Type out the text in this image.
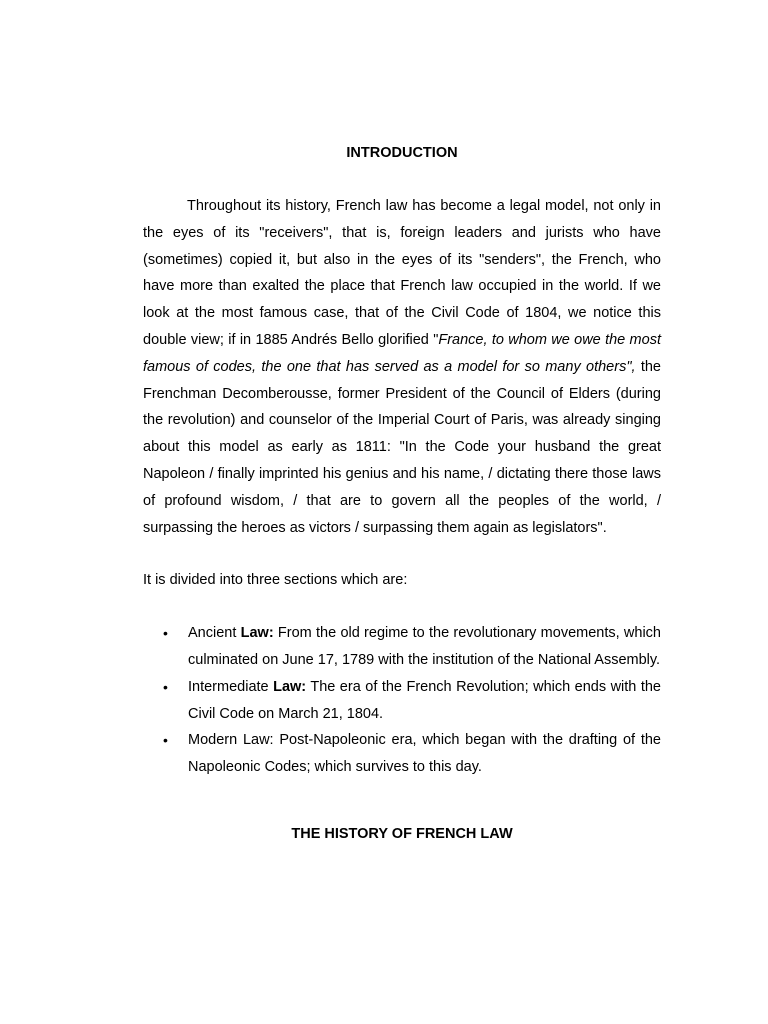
INTRODUCTION

Throughout its history, French law has become a legal model, not only in the eyes of its "receivers", that is, foreign leaders and jurists who have (sometimes) copied it, but also in the eyes of its "senders", the French, who have more than exalted the place that French law occupied in the world. If we look at the most famous case, that of the Civil Code of 1804, we notice this double view; if in 1885 Andrés Bello glorified "France, to whom we owe the most famous of codes, the one that has served as a model for so many others", the Frenchman Decomberousse, former President of the Council of Elders (during the revolution) and counselor of the Imperial Court of Paris, was already singing about this model as early as 1811: "In the Code your husband the great Napoleon / finally imprinted his genius and his name, / dictating there those laws of profound wisdom, / that are to govern all the peoples of the world, / surpassing the heroes as victors / surpassing them again as legislators".

It is divided into three sections which are:

• Ancient Law: From the old regime to the revolutionary movements, which culminated on June 17, 1789 with the institution of the National Assembly.
• Intermediate Law: The era of the French Revolution; which ends with the Civil Code on March 21, 1804.
• Modern Law: Post-Napoleonic era, which began with the drafting of the Napoleonic Codes; which survives to this day.
THE HISTORY OF FRENCH LAW
